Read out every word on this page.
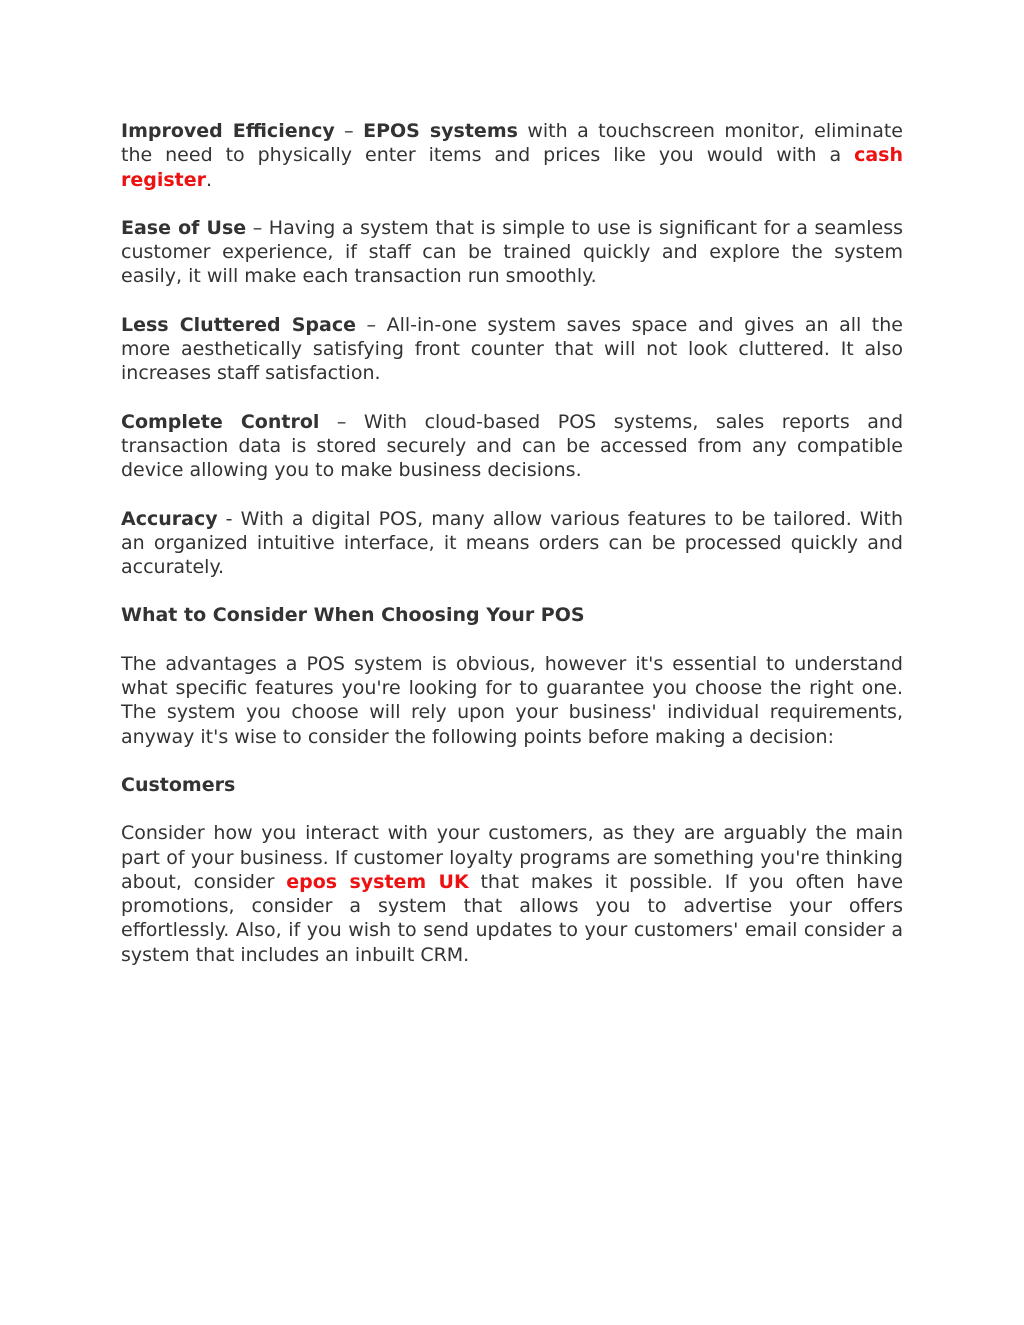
Improved Efficiency – EPOS systems with a touchscreen monitor, eliminate the need to physically enter items and prices like you would with a cash register.

Ease of Use – Having a system that is simple to use is significant for a seamless customer experience, if staff can be trained quickly and explore the system easily, it will make each transaction run smoothly.

Less Cluttered Space – All-in-one system saves space and gives an all the more aesthetically satisfying front counter that will not look cluttered. It also increases staff satisfaction.

Complete Control – With cloud-based POS systems, sales reports and transaction data is stored securely and can be accessed from any compatible device allowing you to make business decisions.

Accuracy - With a digital POS, many allow various features to be tailored. With an organized intuitive interface, it means orders can be processed quickly and accurately.

What to Consider When Choosing Your POS

The advantages a POS system is obvious, however it's essential to understand what specific features you're looking for to guarantee you choose the right one. The system you choose will rely upon your business' individual requirements, anyway it's wise to consider the following points before making a decision:

Customers

Consider how you interact with your customers, as they are arguably the main part of your business. If customer loyalty programs are something you're thinking about, consider epos system UK that makes it possible. If you often have promotions, consider a system that allows you to advertise your offers effortlessly. Also, if you wish to send updates to your customers' email consider a system that includes an inbuilt CRM.
